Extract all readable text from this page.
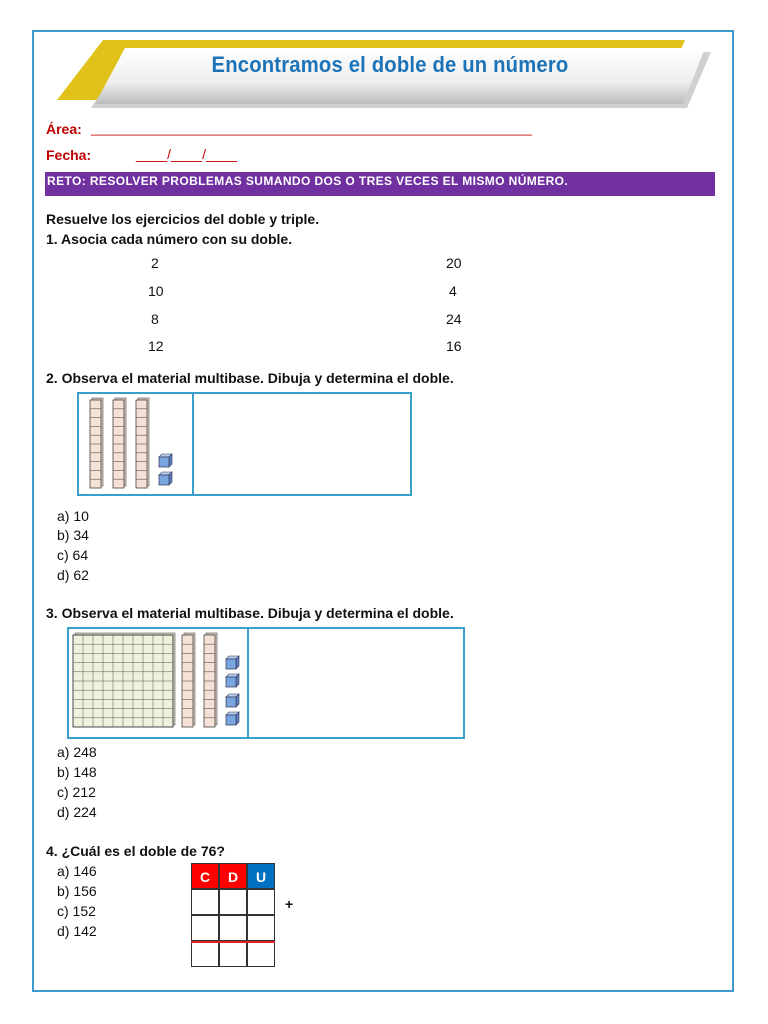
Encontramos el doble de un número
Área: _____________________________________________________________
Fecha:	____/____/____
RETO: RESOLVER PROBLEMAS SUMANDO DOS O TRES VECES EL MISMO NÚMERO.
Resuelve los ejercicios del doble y triple.
1. Asocia cada número con su doble.
2
10
8
12
20
4
24
16
2. Observa el material multibase. Dibuja y determina el doble.
a) 10
b) 34
c) 64
d) 62
3. Observa el material multibase. Dibuja y determina el doble.
a) 248
b) 148
c) 212
d) 224
4. ¿Cuál es el doble de 76?
a) 146
b) 156
c) 152
d) 142
C	D	U
+
